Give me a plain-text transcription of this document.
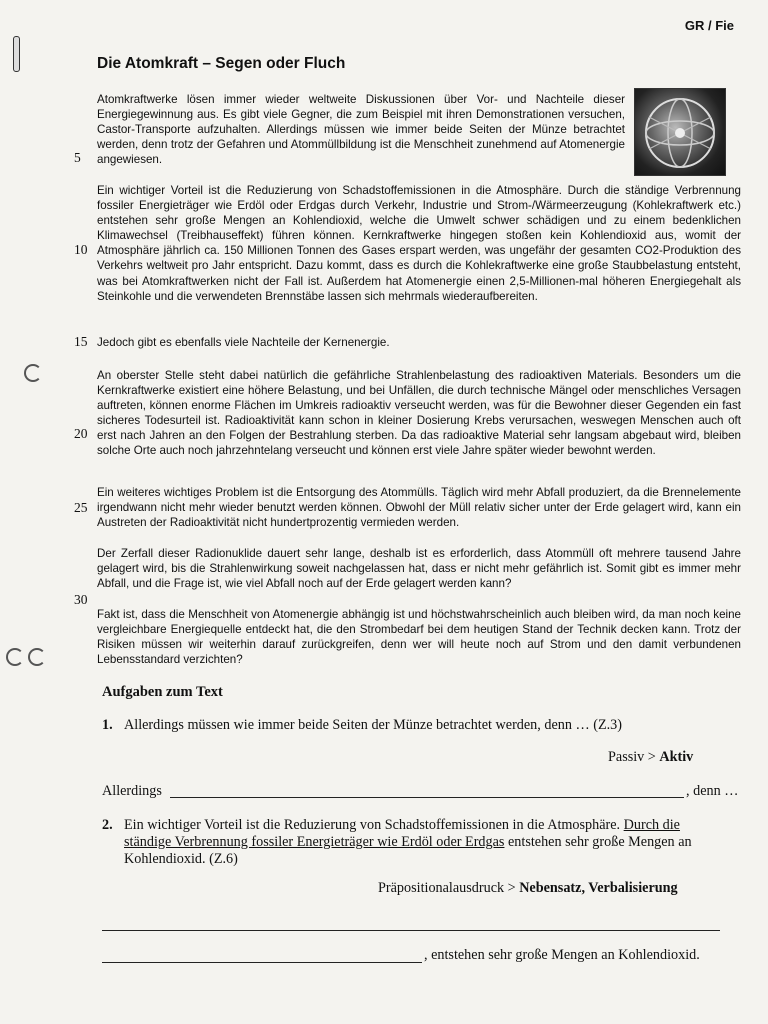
GR / Fie
Die Atomkraft – Segen oder Fluch
Atomkraftwerke lösen immer wieder weltweite Diskussionen über Vor- und Nachteile dieser Energiegewinnung aus. Es gibt viele Gegner, die zum Beispiel mit ihren Demonstrationen versuchen, Castor-Transporte aufzuhalten. Allerdings müssen wie immer beide Seiten der Münze betrachtet werden, denn trotz der Gefahren und Atommüllbildung ist die Menschheit zunehmend auf Atomenergie angewiesen.
Ein wichtiger Vorteil ist die Reduzierung von Schadstoffemissionen in die Atmosphäre. Durch die ständige Verbrennung fossiler Energieträger wie Erdöl oder Erdgas durch Verkehr, Industrie und Strom-/Wärmeerzeugung (Kohlekraftwerk etc.) entstehen sehr große Mengen an Kohlendioxid, welche die Umwelt schwer schädigen und zu einem bedenklichen Klimawechsel (Treibhauseffekt) führen können. Kernkraftwerke hingegen stoßen kein Kohlendioxid aus, womit der Atmosphäre jährlich ca. 150 Millionen Tonnen des Gases erspart werden, was ungefähr der gesamten CO2-Produktion des Verkehrs weltweit pro Jahr entspricht. Dazu kommt, dass es durch die Kohlekraftwerke eine große Staubbelastung entsteht, was bei Atomkraftwerken nicht der Fall ist. Außerdem hat Atomenergie einen 2,5-Millionen-mal höheren Energiegehalt als Steinkohle und die verwendeten Brennstäbe lassen sich mehrmals wiederaufbereiten.
Jedoch gibt es ebenfalls viele Nachteile der Kernenergie.
An oberster Stelle steht dabei natürlich die gefährliche Strahlenbelastung des radioaktiven Materials. Besonders um die Kernkraftwerke existiert eine höhere Belastung, und bei Unfällen, die durch technische Mängel oder menschliches Versagen auftreten, können enorme Flächen im Umkreis radioaktiv verseucht werden, was für die Bewohner dieser Gegenden ein fast sicheres Todesurteil ist. Radioaktivität kann schon in kleiner Dosierung Krebs verursachen, weswegen Menschen auch oft erst nach Jahren an den Folgen der Bestrahlung sterben. Da das radioaktive Material sehr langsam abgebaut wird, bleiben solche Orte auch noch jahrzehntelang verseucht und können erst viele Jahre später wieder bewohnt werden.
Ein weiteres wichtiges Problem ist die Entsorgung des Atommülls. Täglich wird mehr Abfall produziert, da die Brennelemente irgendwann nicht mehr wieder benutzt werden können. Obwohl der Müll relativ sicher unter der Erde gelagert wird, kann ein Austreten der Radioaktivität nicht hundertprozentig vermieden werden.
Der Zerfall dieser Radionuklide dauert sehr lange, deshalb ist es erforderlich, dass Atommüll oft mehrere tausend Jahre gelagert wird, bis die Strahlenwirkung soweit nachgelassen hat, dass er nicht mehr gefährlich ist. Somit gibt es immer mehr Abfall, und die Frage ist, wie viel Abfall noch auf der Erde gelagert werden kann?
Fakt ist, dass die Menschheit von Atomenergie abhängig ist und höchstwahrscheinlich auch bleiben wird, da man noch keine vergleichbare Energiequelle entdeckt hat, die den Strombedarf bei dem heutigen Stand der Technik decken kann. Trotz der Risiken müssen wir weiterhin darauf zurückgreifen, denn wer will heute noch auf Strom und den damit verbundenen Lebensstandard verzichten?
5
10
15
20
25
30
Aufgaben zum Text
1. Allerdings müssen wie immer beide Seiten der Münze betrachtet werden, denn … (Z.3)
Passiv > Aktiv
Allerdings	, denn …
2. Ein wichtiger Vorteil ist die Reduzierung von Schadstoffemissionen in die Atmosphäre. Durch die ständige Verbrennung fossiler Energieträger wie Erdöl oder Erdgas entstehen sehr große Mengen an Kohlendioxid. (Z.6)
Präpositionalausdruck > Nebensatz, Verbalisierung
, entstehen sehr große Mengen an Kohlendioxid.
